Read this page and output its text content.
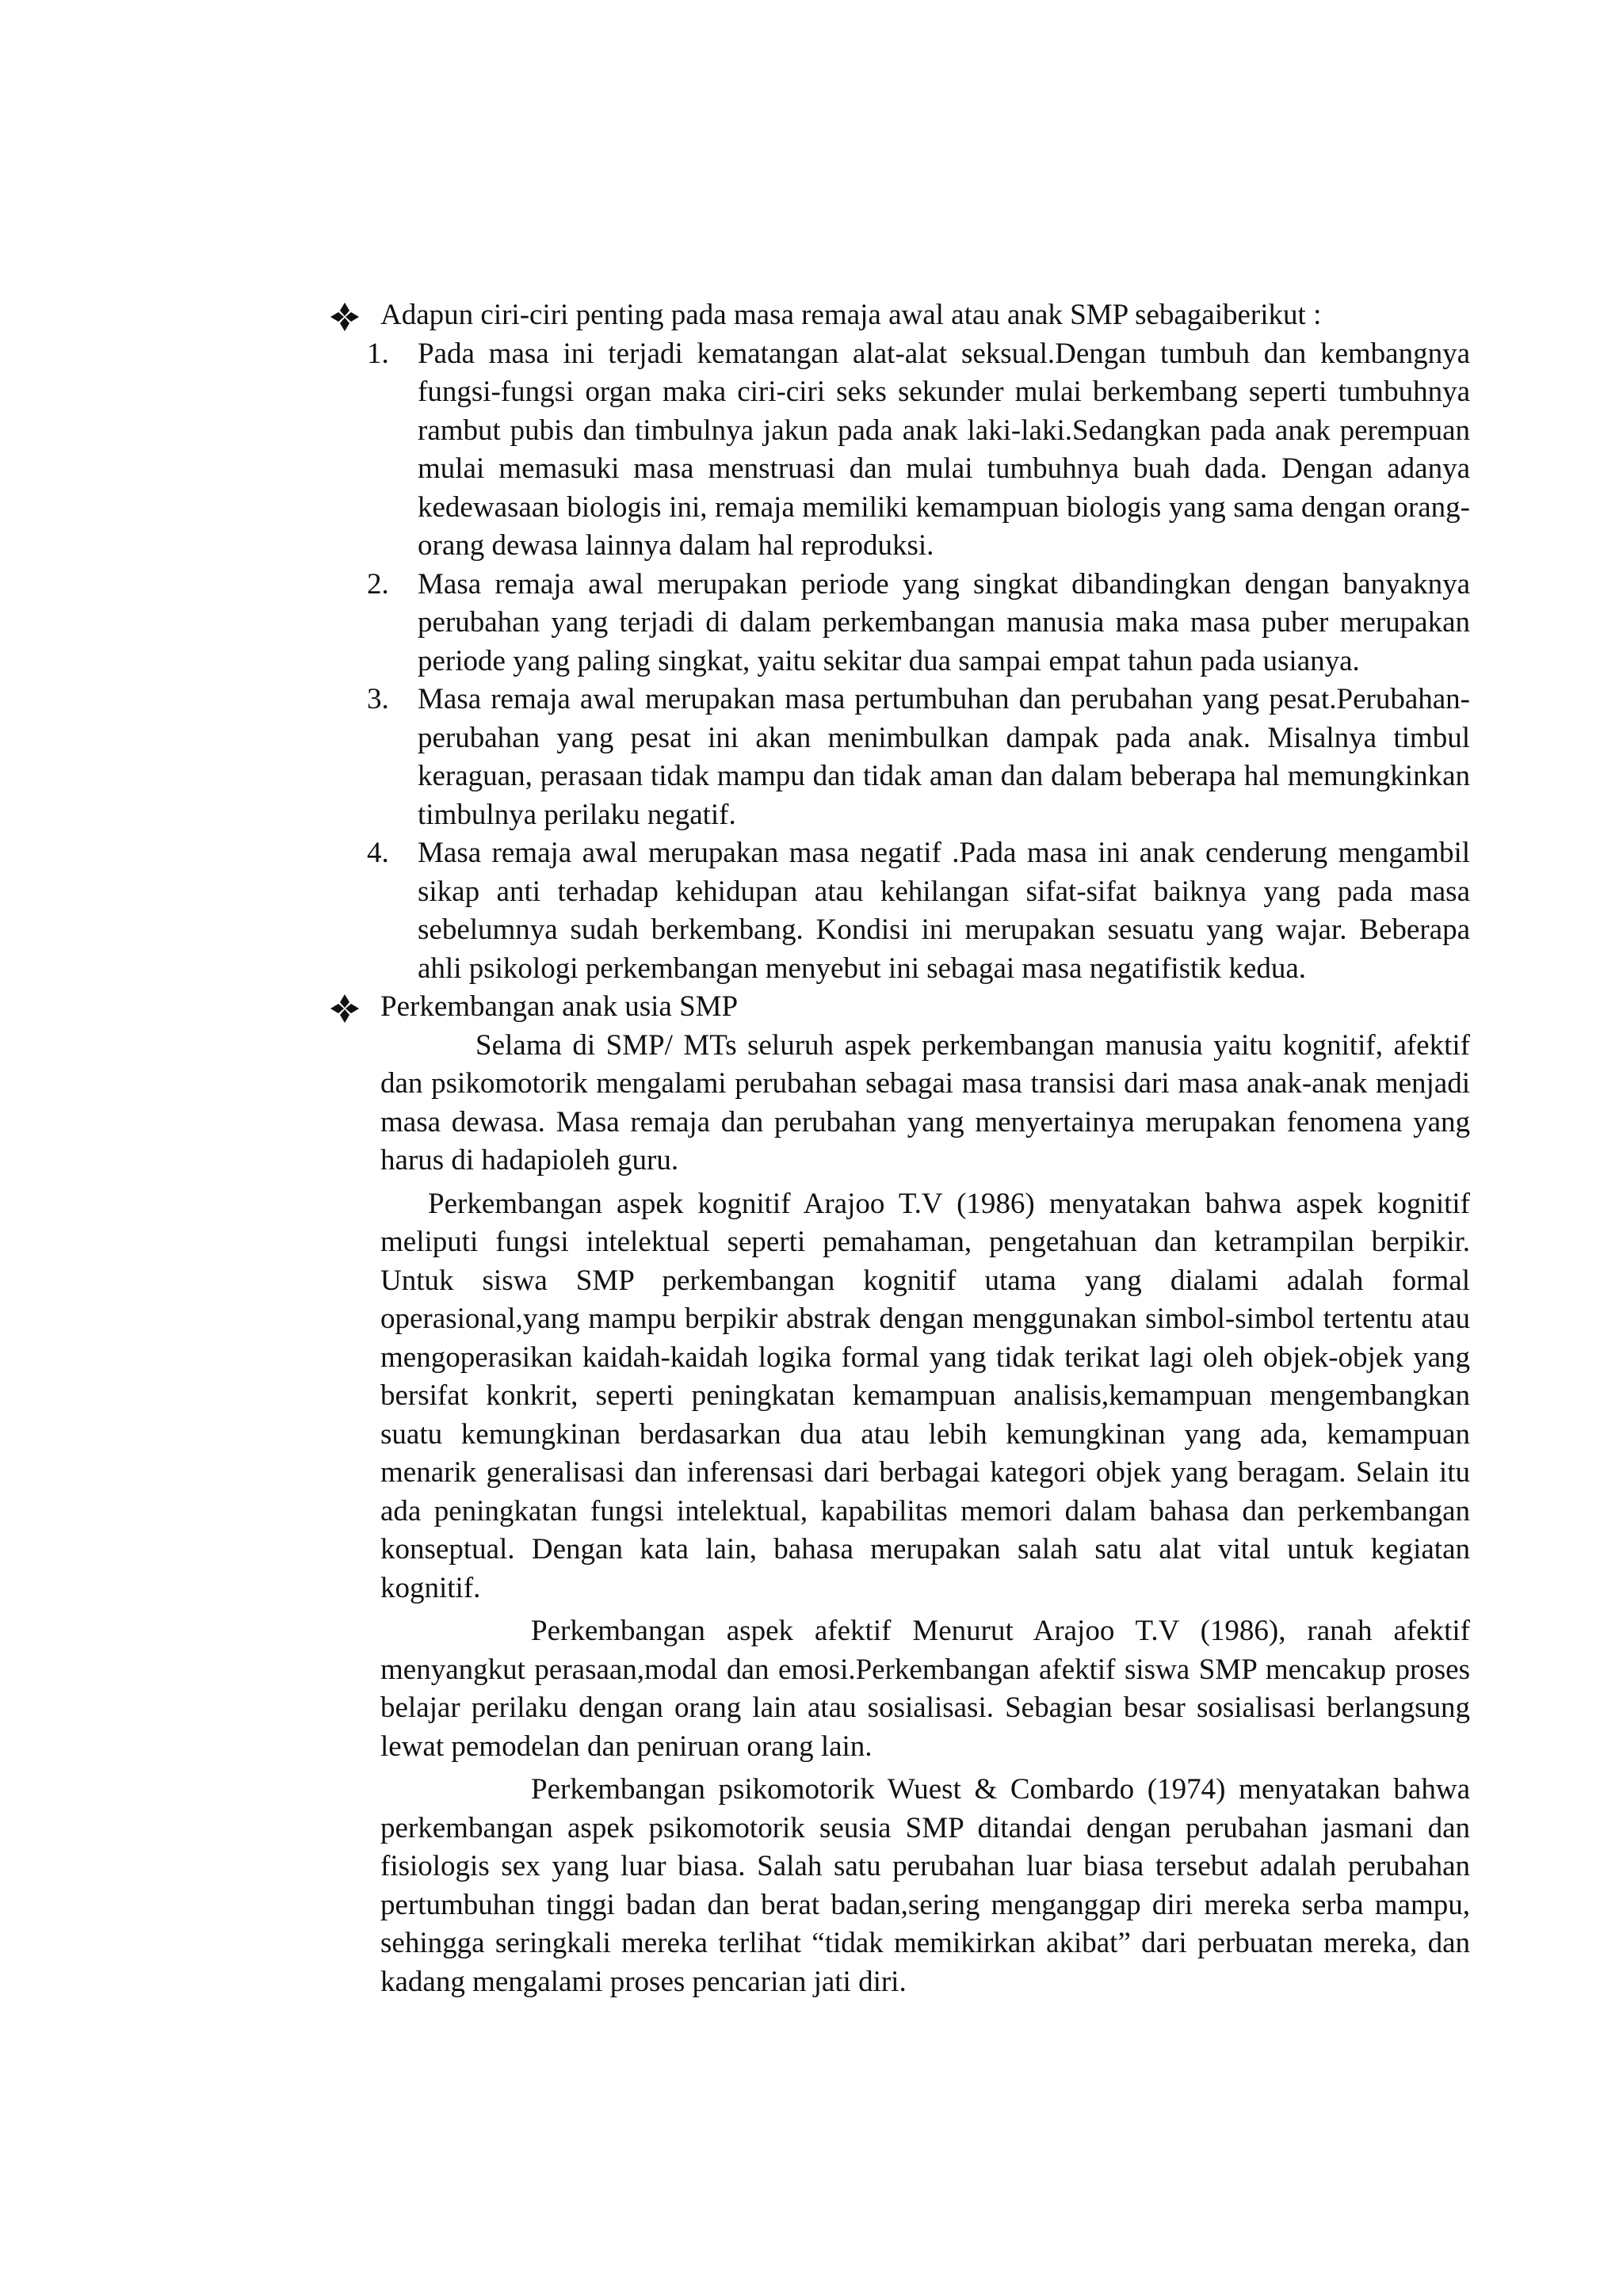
Adapun ciri-ciri penting pada masa remaja awal atau anak SMP sebagaiberikut :
1. Pada masa ini terjadi kematangan alat-alat seksual.Dengan tumbuh dan kembangnya fungsi-fungsi organ maka ciri-ciri seks sekunder mulai berkembang seperti tumbuhnya rambut pubis dan timbulnya jakun pada anak laki-laki.Sedangkan pada anak perempuan mulai memasuki masa menstruasi dan mulai tumbuhnya buah dada. Dengan adanya kedewasaan biologis ini, remaja memiliki kemampuan biologis yang sama dengan orang-orang dewasa lainnya dalam hal reproduksi.
2. Masa remaja awal merupakan periode yang singkat dibandingkan dengan banyaknya perubahan yang terjadi di dalam perkembangan manusia maka masa puber merupakan periode yang paling singkat, yaitu sekitar dua sampai empat tahun pada usianya.
3. Masa remaja awal merupakan masa pertumbuhan dan perubahan yang pesat.Perubahan-perubahan yang pesat ini akan menimbulkan dampak pada anak. Misalnya timbul keraguan, perasaan tidak mampu dan tidak aman dan dalam beberapa hal memungkinkan timbulnya perilaku negatif.
4. Masa remaja awal merupakan masa negatif .Pada masa ini anak cenderung mengambil sikap anti terhadap kehidupan atau kehilangan sifat-sifat baiknya yang pada masa sebelumnya sudah berkembang. Kondisi ini merupakan sesuatu yang wajar. Beberapa ahli psikologi perkembangan menyebut ini sebagai masa negatifistik kedua.
Perkembangan anak usia SMP

Selama di SMP/ MTs seluruh aspek perkembangan manusia yaitu kognitif, afektif dan psikomotorik mengalami perubahan sebagai masa transisi dari masa anak-anak menjadi masa dewasa. Masa remaja dan perubahan yang menyertainya merupakan fenomena yang harus di hadapioleh guru.

Perkembangan aspek kognitif Arajoo T.V (1986) menyatakan bahwa aspek kognitif meliputi fungsi intelektual seperti pemahaman, pengetahuan dan ketrampilan berpikir. Untuk siswa SMP perkembangan kognitif utama yang dialami adalah formal operasional,yang mampu berpikir abstrak dengan menggunakan simbol-simbol tertentu atau mengoperasikan kaidah-kaidah logika formal yang tidak terikat lagi oleh objek-objek yang bersifat konkrit, seperti peningkatan kemampuan analisis,kemampuan mengembangkan suatu kemungkinan berdasarkan dua atau lebih kemungkinan yang ada, kemampuan menarik generalisasi dan inferensasi dari berbagai kategori objek yang beragam. Selain itu ada peningkatan fungsi intelektual, kapabilitas memori dalam bahasa dan perkembangan konseptual. Dengan kata lain, bahasa merupakan salah satu alat vital untuk kegiatan kognitif.

Perkembangan aspek afektif Menurut Arajoo T.V (1986), ranah afektif menyangkut perasaan,modal dan emosi.Perkembangan afektif siswa SMP mencakup proses belajar perilaku dengan orang lain atau sosialisasi. Sebagian besar sosialisasi berlangsung lewat pemodelan dan peniruan orang lain.

Perkembangan psikomotorik Wuest & Combardo (1974) menyatakan bahwa perkembangan aspek psikomotorik seusia SMP ditandai dengan perubahan jasmani dan fisiologis sex yang luar biasa. Salah satu perubahan luar biasa tersebut adalah perubahan pertumbuhan tinggi badan dan berat badan,sering menganggap diri mereka serba mampu, sehingga seringkali mereka terlihat “tidak memikirkan akibat” dari perbuatan mereka, dan kadang mengalami proses pencarian jati diri.
